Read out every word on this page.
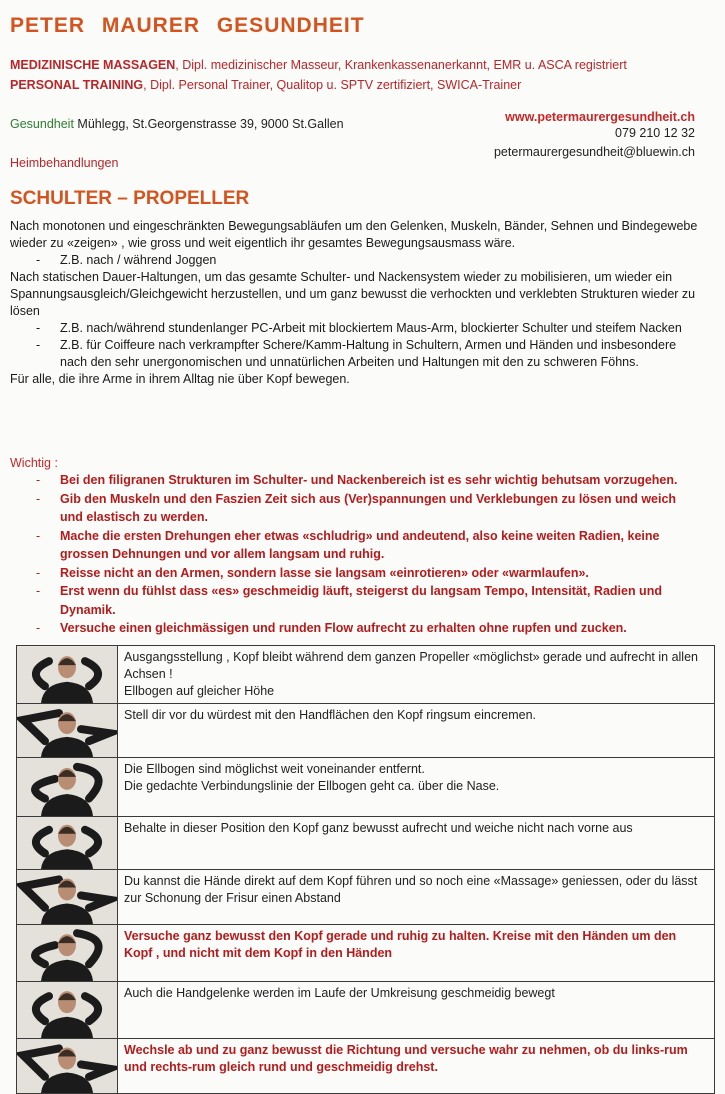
PETER MAURER GESUNDHEIT
MEDIZINISCHE MASSAGEN, Dipl. medizinischer Masseur, Krankenkassenanerkannt, EMR u. ASCA registriert
PERSONAL TRAINING, Dipl. Personal Trainer, Qualitop u. SPTV zertifiziert, SWICA-Trainer
Gesundheit Mühlegg, St.Georgenstrasse 39, 9000 St.Gallen
Heimbehandlungen
www.petermaurergesundheit.ch
079 210 12 32
petermaurergesundheit@bluewin.ch
SCHULTER – PROPELLER

Nach monotonen und eingeschränkten Bewegungsabläufen um den Gelenken, Muskeln, Bänder, Sehnen und Bindegewebe wieder zu «zeigen» , wie gross und weit eigentlich ihr gesamtes Bewegungsausmass wäre.

- Z.B. nach / während Joggen

Nach statischen Dauer-Haltungen, um das gesamte Schulter- und Nackensystem wieder zu mobilisieren, um wieder ein Spannungsausgleich/Gleichgewicht herzustellen, und um ganz bewusst die verhockten und verklebten Strukturen wieder zu lösen

- Z.B. nach/während stundenlanger PC-Arbeit mit blockiertem Maus-Arm, blockierter Schulter und steifem Nacken
- Z.B. für Coiffeure nach verkrampfter Schere/Kamm-Haltung in Schultern, Armen und Händen und insbesondere nach den sehr unergonomischen und unnatürlichen Arbeiten und Haltungen mit den zu schweren Föhns.

Für alle, die ihre Arme in ihrem Alltag nie über Kopf bewegen.

Wichtig :
- Bei den filigranen Strukturen im Schulter- und Nackenbereich ist es sehr wichtig behutsam vorzugehen.
- Gib den Muskeln und den Faszien Zeit sich aus (Ver)spannungen und Verklebungen zu lösen und weich und elastisch zu werden.
- Mache die ersten Drehungen eher etwas «schludrig» und andeutend, also keine weiten Radien, keine grossen Dehnungen und vor allem langsam und ruhig.
- Reisse nicht an den Armen, sondern lasse sie langsam «einrotieren» oder «warmlaufen».
- Erst wenn du fühlst dass «es» geschmeidig läuft, steigerst du langsam Tempo, Intensität, Radien und Dynamik.
- Versuche einen gleichmässigen und runden Flow aufrecht zu erhalten ohne rupfen und zucken.

Ausgangsstellung , Kopf bleibt während dem ganzen Propeller «möglichst» gerade und aufrecht in allen Achsen !
Ellbogen auf gleicher Höhe

Stell dir vor du würdest mit den Handflächen den Kopf ringsum eincremen.

Die Ellbogen sind möglichst weit voneinander entfernt.
Die gedachte Verbindungslinie der Ellbogen geht ca. über die Nase.

Behalte in dieser Position den Kopf ganz bewusst aufrecht und weiche nicht nach vorne aus

Du kannst die Hände direkt auf dem Kopf führen und so noch eine «Massage» geniessen, oder du lässt zur Schonung der Frisur einen Abstand

Versuche ganz bewusst den Kopf gerade und ruhig zu halten. Kreise mit den Händen um den Kopf , und nicht mit dem Kopf in den Händen

Auch die Handgelenke werden im Laufe der Umkreisung geschmeidig bewegt

Wechsle ab und zu ganz bewusst die Richtung und versuche wahr zu nehmen, ob du links-rum und rechts-rum gleich rund und geschmeidig drehst.
